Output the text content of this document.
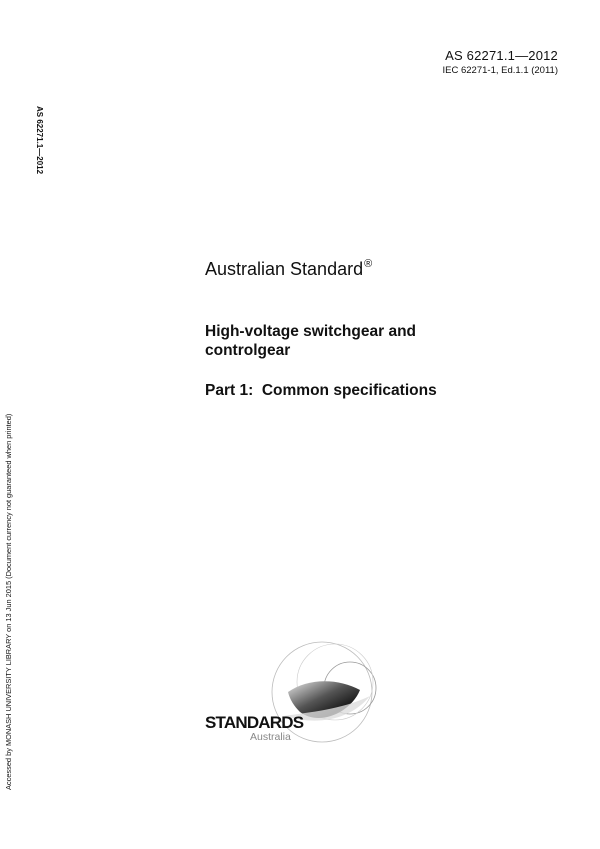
AS 62271.1—2012
IEC 62271-1, Ed.1.1 (2011)
AS 62271.1—2012
Accessed by MONASH UNIVERSITY LIBRARY on 13 Jun 2015 (Document currency not guaranteed when printed)
Australian Standard®
High-voltage switchgear and controlgear
Part 1:  Common specifications
STANDARDS
Australia
